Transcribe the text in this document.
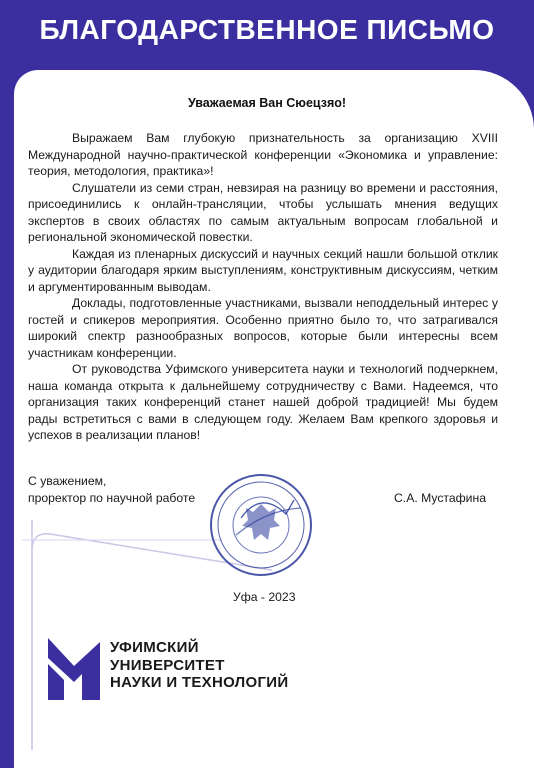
БЛАГОДАРСТВЕННОЕ ПИСЬМО
Уважаемая Ван Сюецзяо!

Выражаем Вам глубокую признательность за организацию XVIII Международной научно-практической конференции «Экономика и управление: теория, методология, практика»!

Слушатели из семи стран, невзирая на разницу во времени и расстояния, присоединились к онлайн-трансляции, чтобы услышать мнения ведущих экспертов в своих областях по самым актуальным вопросам глобальной и региональной экономической повестки.

Каждая из пленарных дискуссий и научных секций нашли большой отклик у аудитории благодаря ярким выступлениям, конструктивным дискуссиям, четким и аргументированным выводам.

Доклады, подготовленные участниками, вызвали неподдельный интерес у гостей и спикеров мероприятия. Особенно приятно было то, что затрагивался широкий спектр разнообразных вопросов, которые были интересны всем участникам конференции.

От руководства Уфимского университета науки и технологий подчеркнем, наша команда открыта к дальнейшему сотрудничеству с Вами. Надеемся, что организация таких конференций станет нашей доброй традицией! Мы будем рады встретиться с вами в следующем году. Желаем Вам крепкого здоровья и успехов в реализации планов!

С уважением,
проректор по научной работе	С.А. Мустафина
Уфа - 2023
УФИМСКИЙ
УНИВЕРСИТЕТ
НАУКИ И ТЕХНОЛОГИЙ
